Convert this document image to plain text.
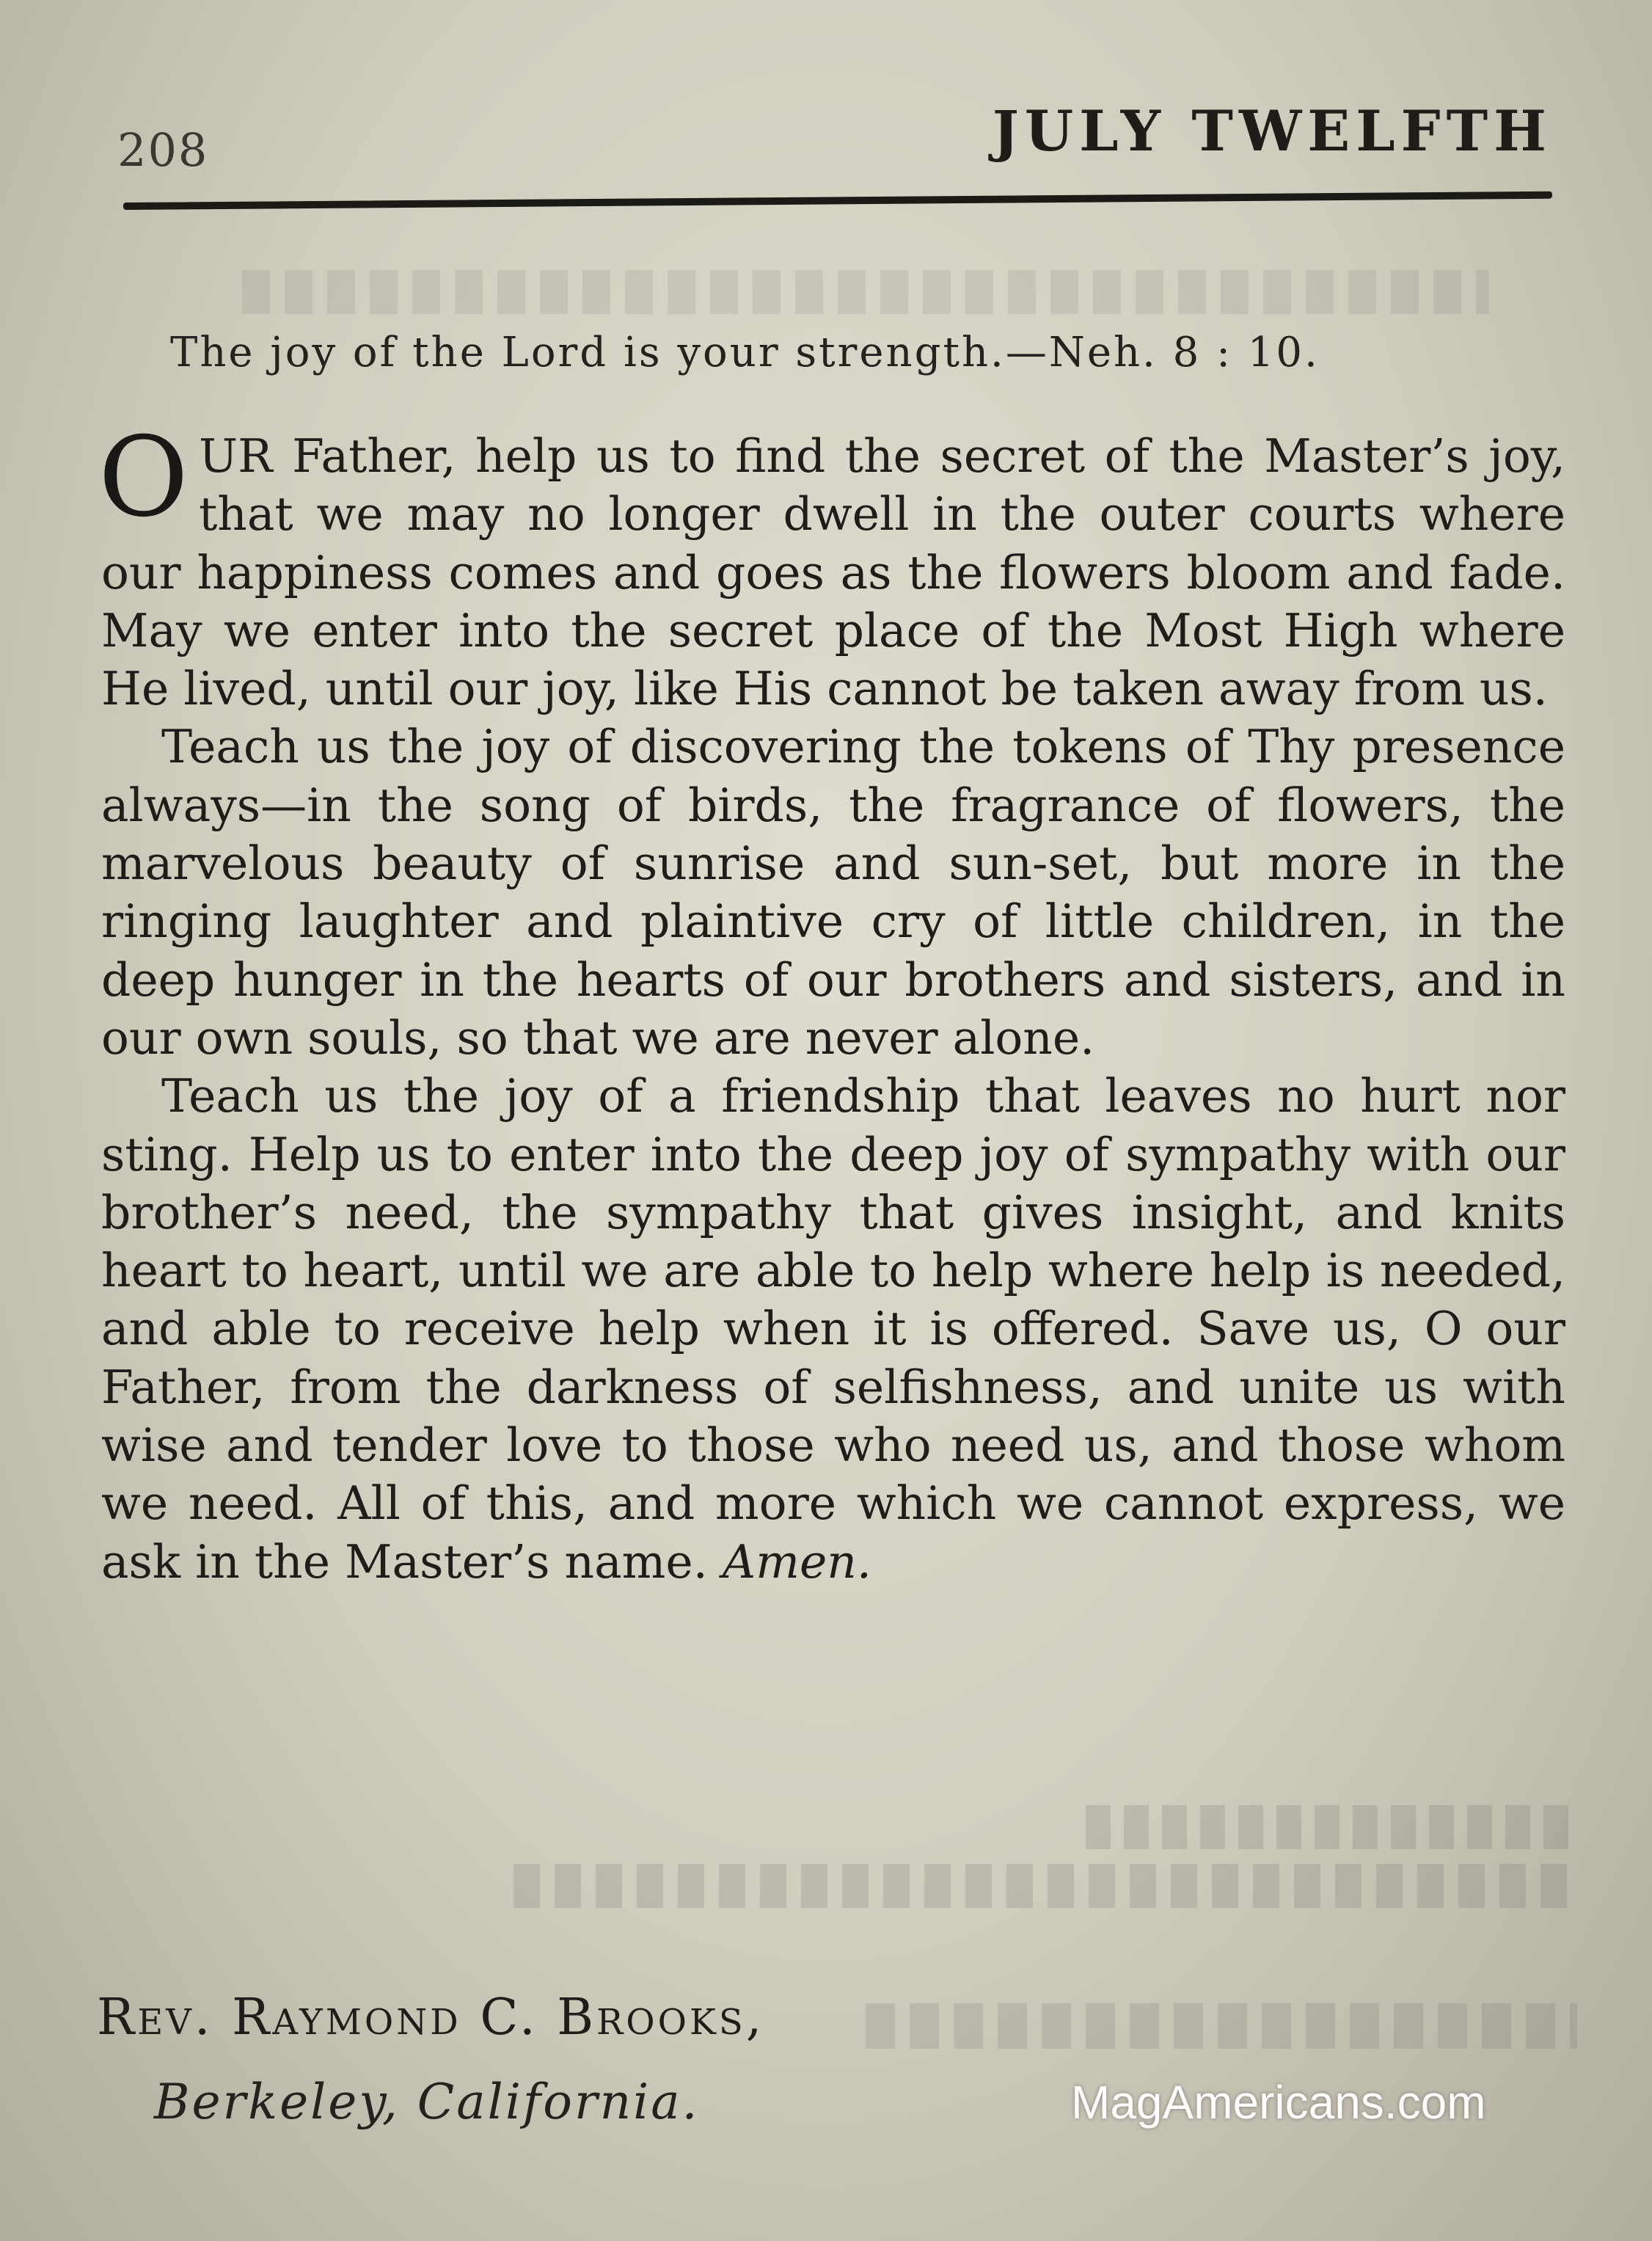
208	JULY TWELFTH
The joy of the Lord is your strength.—Neh. 8 : 10.

OUR Father, help us to find the secret of the Master’s joy, that we may no longer dwell in the outer courts where our happiness comes and goes as the flowers bloom and fade. May we enter into the secret place of the Most High where He lived, until our joy, like His cannot be taken away from us.

Teach us the joy of discovering the tokens of Thy presence always—in the song of birds, the fragrance of flowers, the marvelous beauty of sunrise and sun-set, but more in the ringing laughter and plaintive cry of little children, in the deep hunger in the hearts of our brothers and sisters, and in our own souls, so that we are never alone.

Teach us the joy of a friendship that leaves no hurt nor sting. Help us to enter into the deep joy of sympathy with our brother’s need, the sympathy that gives insight, and knits heart to heart, until we are able to help where help is needed, and able to receive help when it is offered. Save us, O our Father, from the darkness of selfishness, and unite us with wise and tender love to those who need us, and those whom we need. All of this, and more which we cannot express, we ask in the Master’s name. Amen.

Rev. Raymond C. Brooks,
Berkeley, California.	MagAmericans.com
